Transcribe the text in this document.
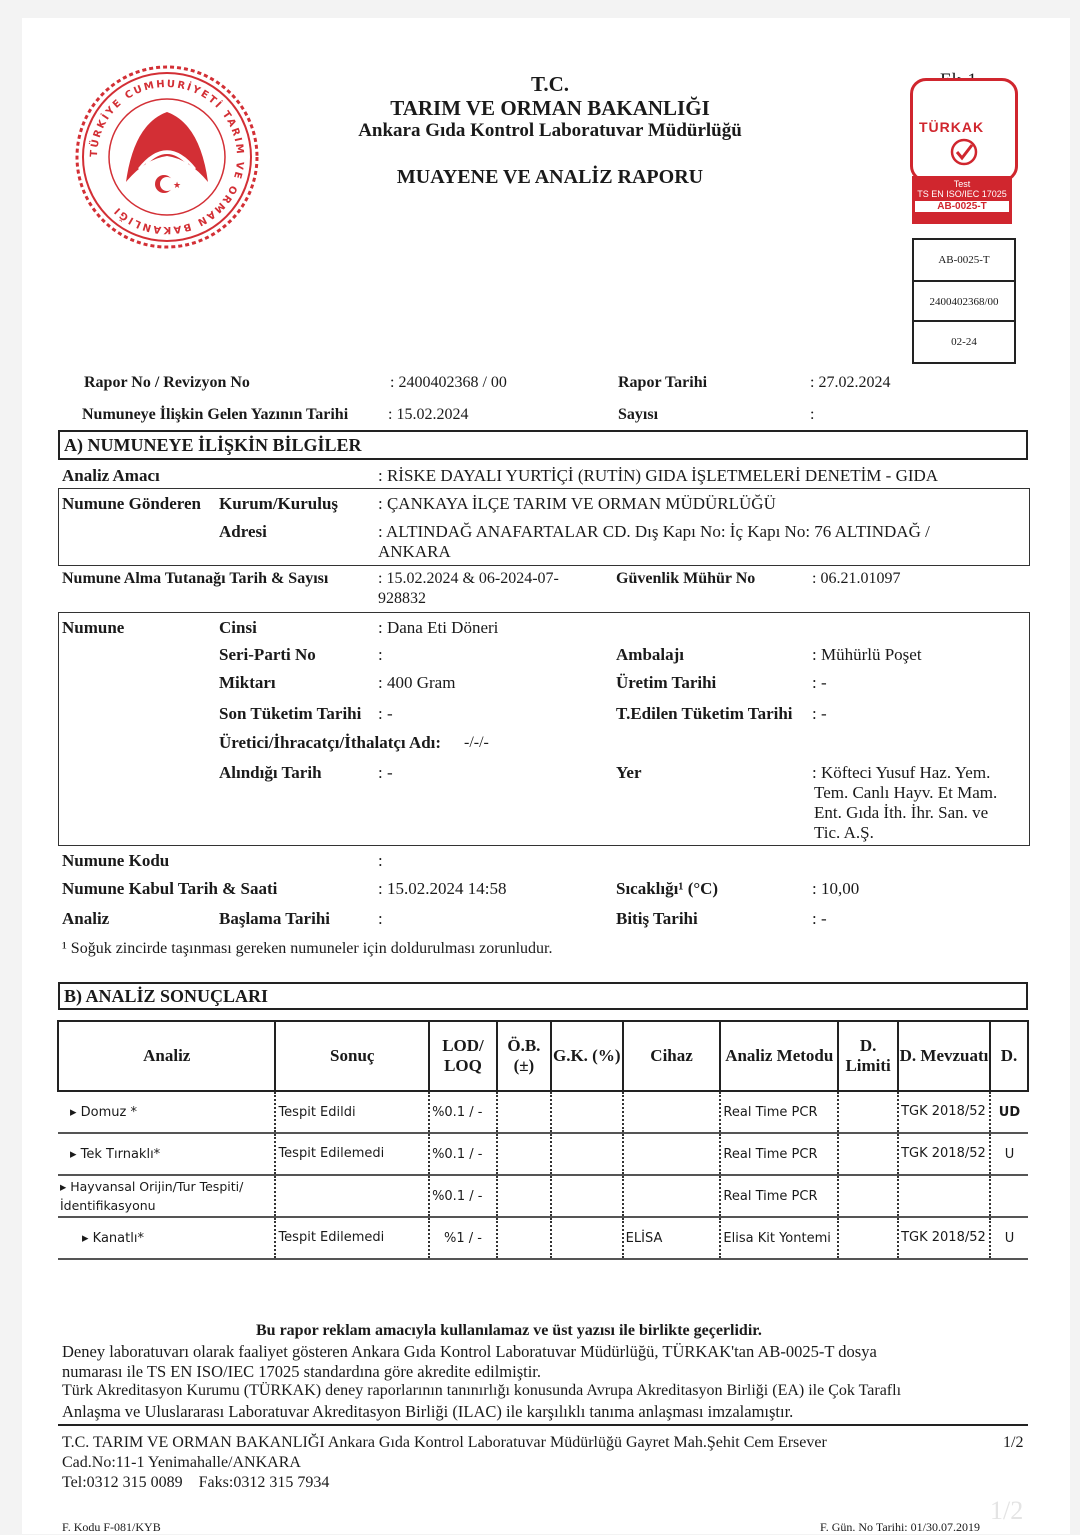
TÜRKİYE CUMHURİYETİ TARIM VE ORMAN BAKANLIĞI
★
T.C.
TARIM VE ORMAN BAKANLIĞI
Ankara Gıda Kontrol Laboratuvar Müdürlüğü
MUAYENE VE ANALİZ RAPORU
TÜRKAK
Test
TS EN ISO/IEC 17025
AB-0025-T
AB-0025-T
2400402368/00
02-24
Rapor No / Revizyon No	: 2400402368 / 00	Rapor Tarihi	: 27.02.2024
Numuneye İlişkin Gelen Yazının Tarihi : 15.02.2024	Sayısı	:
A) NUMUNEYE İLİŞKİN BİLGİLER
Analiz Amacı	: RİSKE DAYALI YURTİÇİ (RUTİN) GIDA İŞLETMELERİ DENETİM - GIDA
Numune Gönderen Kurum/Kuruluş : ÇANKAYA İLÇE TARIM VE ORMAN MÜDÜRLÜĞÜ
Adresi	: ALTINDAĞ ANAFARTALAR CD. Dış Kapı No: İç Kapı No: 76 ALTINDAĞ /
ANKARA
Numune Alma Tutanağı Tarih & Sayısı	: 15.02.2024 & 06-2024-07-
928832
Güvenlik Mühür No	: 06.21.01097
Numune	Cinsi	: Dana Eti Döneri
Seri-Parti No	:	Ambalajı	: Mühürlü Poşet
Miktarı	: 400 Gram	Üretim Tarihi	: -
Son Tüketim Tarihi : -	T.Edilen Tüketim Tarihi : -
Üretici/İhracatçı/İthalatçı Adı: -/-/-
Alındığı Tarih	: -	Yer	: Köfteci Yusuf Haz. Yem.
Tem. Canlı Hayv. Et Mam.
Ent. Gıda İth. İhr. San. ve
Tic. A.Ş.
Numune Kodu	:
Numune Kabul Tarih & Saati	: 15.02.2024 14:58	Sıcaklığı¹ (°C)	: 10,00
Analiz	Başlama Tarihi	:	Bitiş Tarihi	: -
¹ Soğuk zincirde taşınması gereken numuneler için doldurulması zorunludur.
B) ANALİZ SONUÇLARI
Analiz	Sonuç	LOD/ LOQ	Ö.B. (±)	G.K. (%)	Cihaz	Analiz Metodu	D. Limiti	D. Mevzuatı	D.
▸ Domuz *	Tespit Edildi	%0.1 / -				Real Time PCR		TGK 2018/52	UD
▸ Tek Tırnaklı*	Tespit Edilemedi	%0.1 / -				Real Time PCR		TGK 2018/52	U
▸ Hayvansal Orijin/Tur Tespiti/İdentifikasyonu		%0.1 / -				Real Time PCR			
▸ Kanatlı*	Tespit Edilemedi	%1 / -			ELİSA	Elisa Kit Yontemi		TGK 2018/52	U
Bu rapor reklam amacıyla kullanılamaz ve üst yazısı ile birlikte geçerlidir.
Deney laboratuvarı olarak faaliyet gösteren Ankara Gıda Kontrol Laboratuvar Müdürlüğü, TÜRKAK'tan AB-0025-T dosya
numarası ile TS EN ISO/IEC 17025 standardına göre akredite edilmiştir.
Türk Akreditasyon Kurumu (TÜRKAK) deney raporlarının tanınırlığı konusunda Avrupa Akreditasyon Birliği (EA) ile Çok Taraflı
Anlaşma ve Uluslararası Laboratuvar Akreditasyon Birliği (ILAC) ile karşılıklı tanıma anlaşması imzalamıştır.
T.C. TARIM VE ORMAN BAKANLIĞI Ankara Gıda Kontrol Laboratuvar Müdürlüğü Gayret Mah.Şehit Cem Ersever	1/2
Cad.No:11-1 Yenimahalle/ANKARA
Tel:0312 315 0089    Faks:0312 315 7934
1/2
F. Kodu F-081/KYB	F. Gün. No Tarihi: 01/30.07.2019
